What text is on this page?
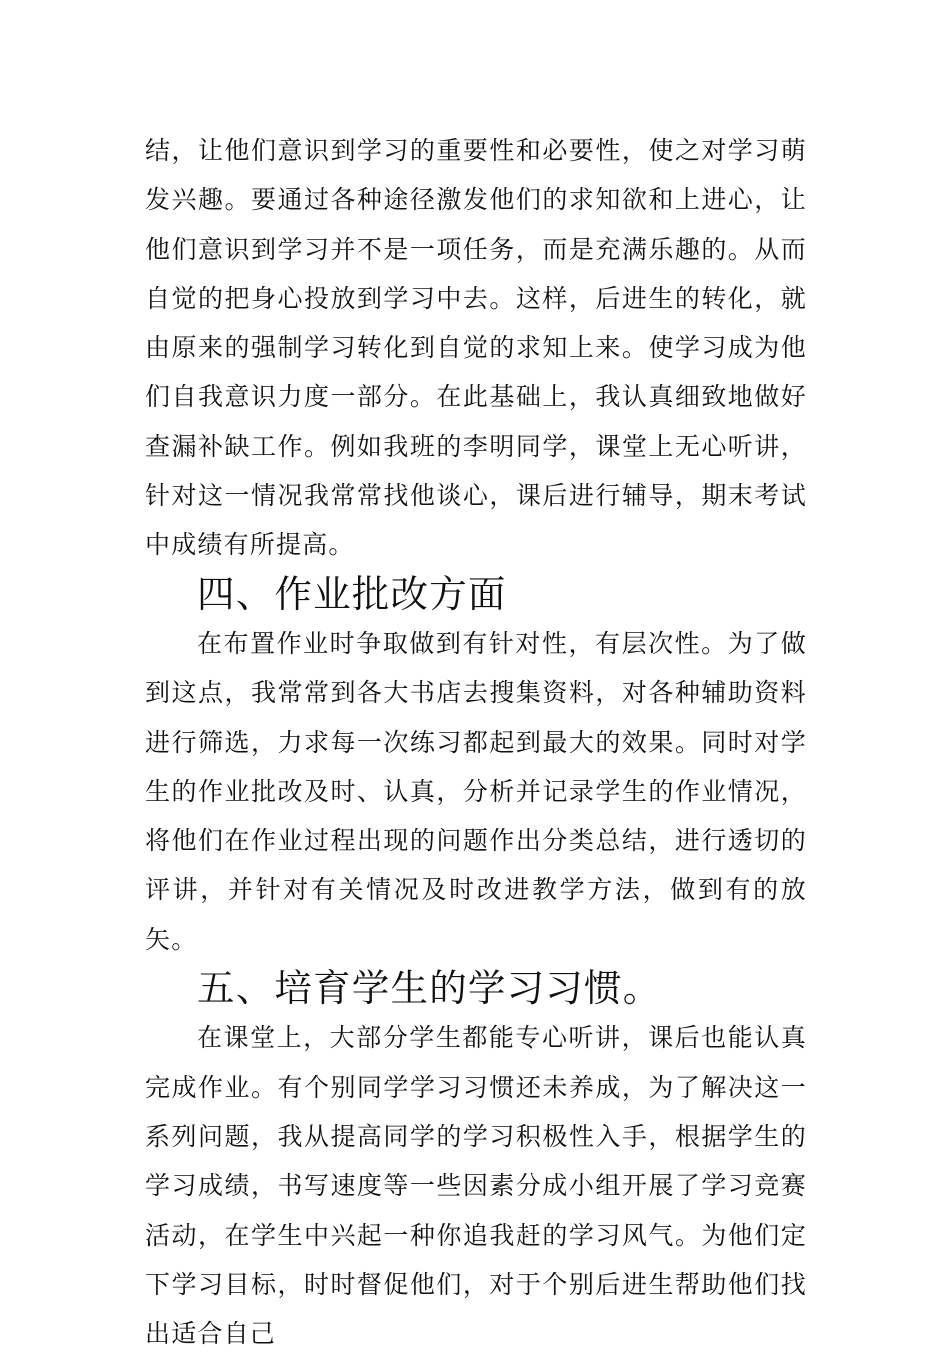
结，让他们意识到学习的重要性和必要性，使之对学习萌发兴趣。要通过各种途径激发他们的求知欲和上进心，让他们意识到学习并不是一项任务，而是充满乐趣的。从而自觉的把身心投放到学习中去。这样，后进生的转化，就由原来的强制学习转化到自觉的求知上来。使学习成为他们自我意识力度一部分。在此基础上，我认真细致地做好查漏补缺工作。例如我班的李明同学，课堂上无心听讲，针对这一情况我常常找他谈心，课后进行辅导，期末考试中成绩有所提高。

四、作业批改方面

在布置作业时争取做到有针对性，有层次性。为了做到这点，我常常到各大书店去搜集资料，对各种辅助资料进行筛选，力求每一次练习都起到最大的效果。同时对学生的作业批改及时、认真，分析并记录学生的作业情况，将他们在作业过程出现的问题作出分类总结，进行透切的评讲，并针对有关情况及时改进教学方法，做到有的放矢。

五、培育学生的学习习惯。

在课堂上，大部分学生都能专心听讲，课后也能认真完成作业。有个别同学学习习惯还未养成，为了解决这一系列问题，我从提高同学的学习积极性入手，根据学生的学习成绩，书写速度等一些因素分成小组开展了学习竞赛活动，在学生中兴起一种你追我赶的学习风气。为他们定下学习目标，时时督促他们，对于个别后进生帮助他们找出适合自己
